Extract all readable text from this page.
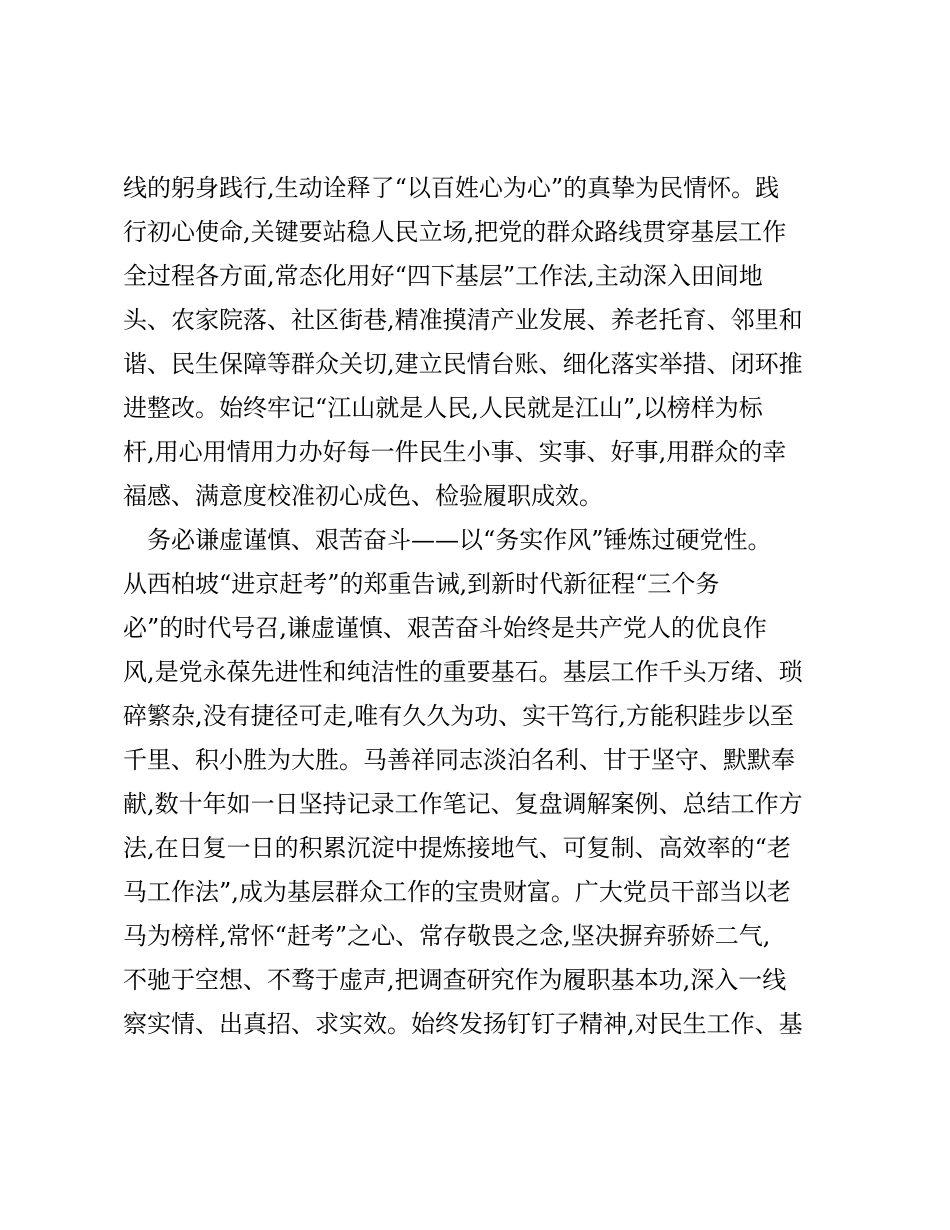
线的躬身践行,生动诠释了“以百姓心为心”的真挚为民情怀。践
行初心使命,关键要站稳人民立场,把党的群众路线贯穿基层工作
全过程各方面,常态化用好“四下基层”工作法,主动深入田间地
头、农家院落、社区街巷,精准摸清产业发展、养老托育、邻里和
谐、民生保障等群众关切,建立民情台账、细化落实举措、闭环推
进整改。始终牢记“江山就是人民,人民就是江山”,以榜样为标
杆,用心用情用力办好每一件民生小事、实事、好事,用群众的幸
福感、满意度校准初心成色、检验履职成效。
　务必谦虚谨慎、艰苦奋斗——以“务实作风”锤炼过硬党性。
从西柏坡“进京赶考”的郑重告诫,到新时代新征程“三个务
必”的时代号召,谦虚谨慎、艰苦奋斗始终是共产党人的优良作
风,是党永葆先进性和纯洁性的重要基石。基层工作千头万绪、琐
碎繁杂,没有捷径可走,唯有久久为功、实干笃行,方能积跬步以至
千里、积小胜为大胜。马善祥同志淡泊名利、甘于坚守、默默奉
献,数十年如一日坚持记录工作笔记、复盘调解案例、总结工作方
法,在日复一日的积累沉淀中提炼接地气、可复制、高效率的“老
马工作法”,成为基层群众工作的宝贵财富。广大党员干部当以老
马为榜样,常怀“赶考”之心、常存敬畏之念,坚决摒弃骄娇二气,
不驰于空想、不骛于虚声,把调查研究作为履职基本功,深入一线
察实情、出真招、求实效。始终发扬钉钉子精神,对民生工作、基
